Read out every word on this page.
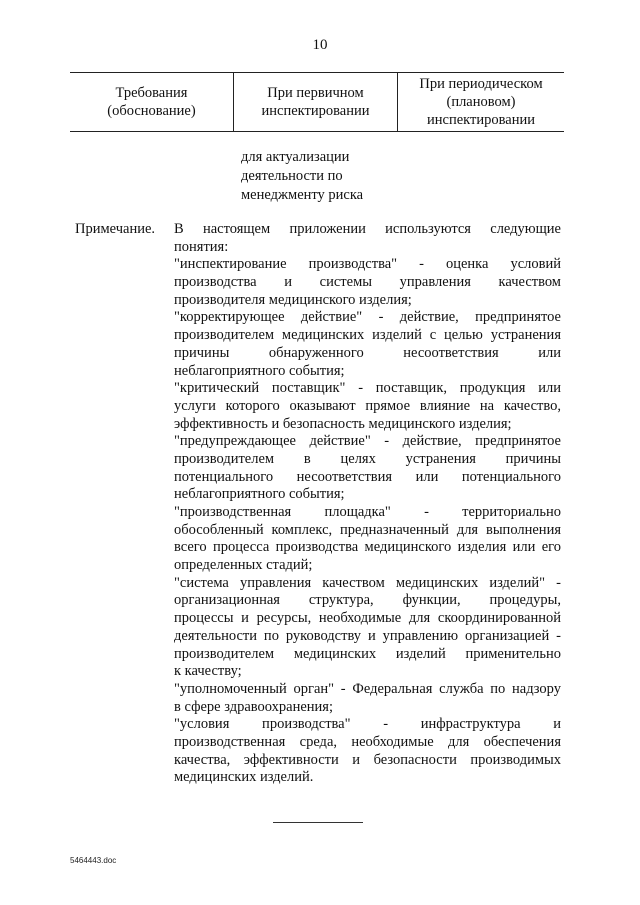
10
Требования
(обоснование)
При первичном
инспектировании
При периодическом
(плановом)
инспектировании
для актуализации
деятельности по
менеджменту риска
Примечание. В настоящем приложении используются следующие
понятия:
"инспектирование производства" - оценка условий
производства и системы управления качеством
производителя медицинского изделия;
"корректирующее действие" - действие, предпринятое
производителем медицинских изделий с целью устранения
причины обнаруженного несоответствия или
неблагоприятного события;
"критический поставщик" - поставщик, продукция или
услуги которого оказывают прямое влияние на качество,
эффективность и безопасность медицинского изделия;
"предупреждающее действие" - действие, предпринятое
производителем в целях устранения причины
потенциального несоответствия или потенциального
неблагоприятного события;
"производственная площадка" - территориально
обособленный комплекс, предназначенный для выполнения
всего процесса производства медицинского изделия или его
определенных стадий;
"система управления качеством медицинских изделий" -
организационная структура, функции, процедуры,
процессы и ресурсы, необходимые для скоординированной
деятельности по руководству и управлению организацией -
производителем медицинских изделий применительно
к качеству;
"уполномоченный орган" - Федеральная служба по надзору
в сфере здравоохранения;
"условия производства" - инфраструктура и
производственная среда, необходимые для обеспечения
качества, эффективности и безопасности производимых
медицинских изделий.
5464443.doc
